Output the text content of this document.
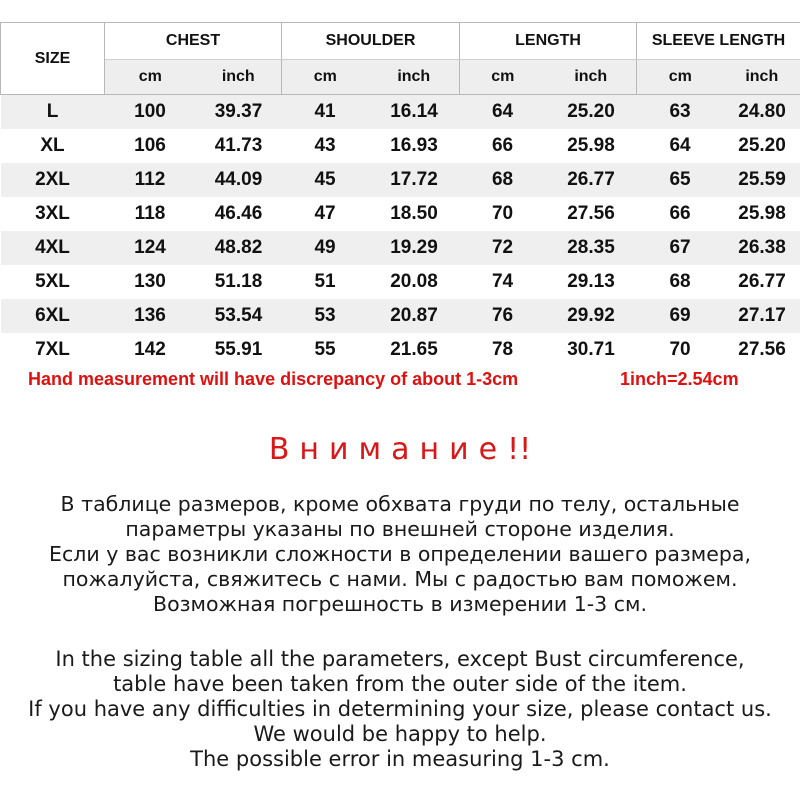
SIZE	CHEST		SHOULDER		LENGTH		SLEEVE LENGTH	
	cm	inch	cm	inch	cm	inch	cm	inch
L	100	39.37	41	16.14	64	25.20	63	24.80
XL	106	41.73	43	16.93	66	25.98	64	25.20
2XL	112	44.09	45	17.72	68	26.77	65	25.59
3XL	118	46.46	47	18.50	70	27.56	66	25.98
4XL	124	48.82	49	19.29	72	28.35	67	26.38
5XL	130	51.18	51	20.08	74	29.13	68	26.77
6XL	136	53.54	53	20.87	76	29.92	69	27.17
7XL	142	55.91	55	21.65	78	30.71	70	27.56
Hand measurement will have discrepancy of about 1-3cm	1inch=2.54cm
Внимание!!
В таблице размеров, кроме обхвата груди по телу, остальные
параметры указаны по внешней стороне изделия.
Если у вас возникли сложности в определении вашего размера,
пожалуйста, свяжитесь с нами. Мы с радостью вам поможем.
Возможная погрешность в измерении 1-3 см.
In the sizing table all the parameters, except Bust circumference,
table have been taken from the outer side of the item.
If you have any difficulties in determining your size, please contact us.
We would be happy to help.
The possible error in measuring 1-3 cm.
